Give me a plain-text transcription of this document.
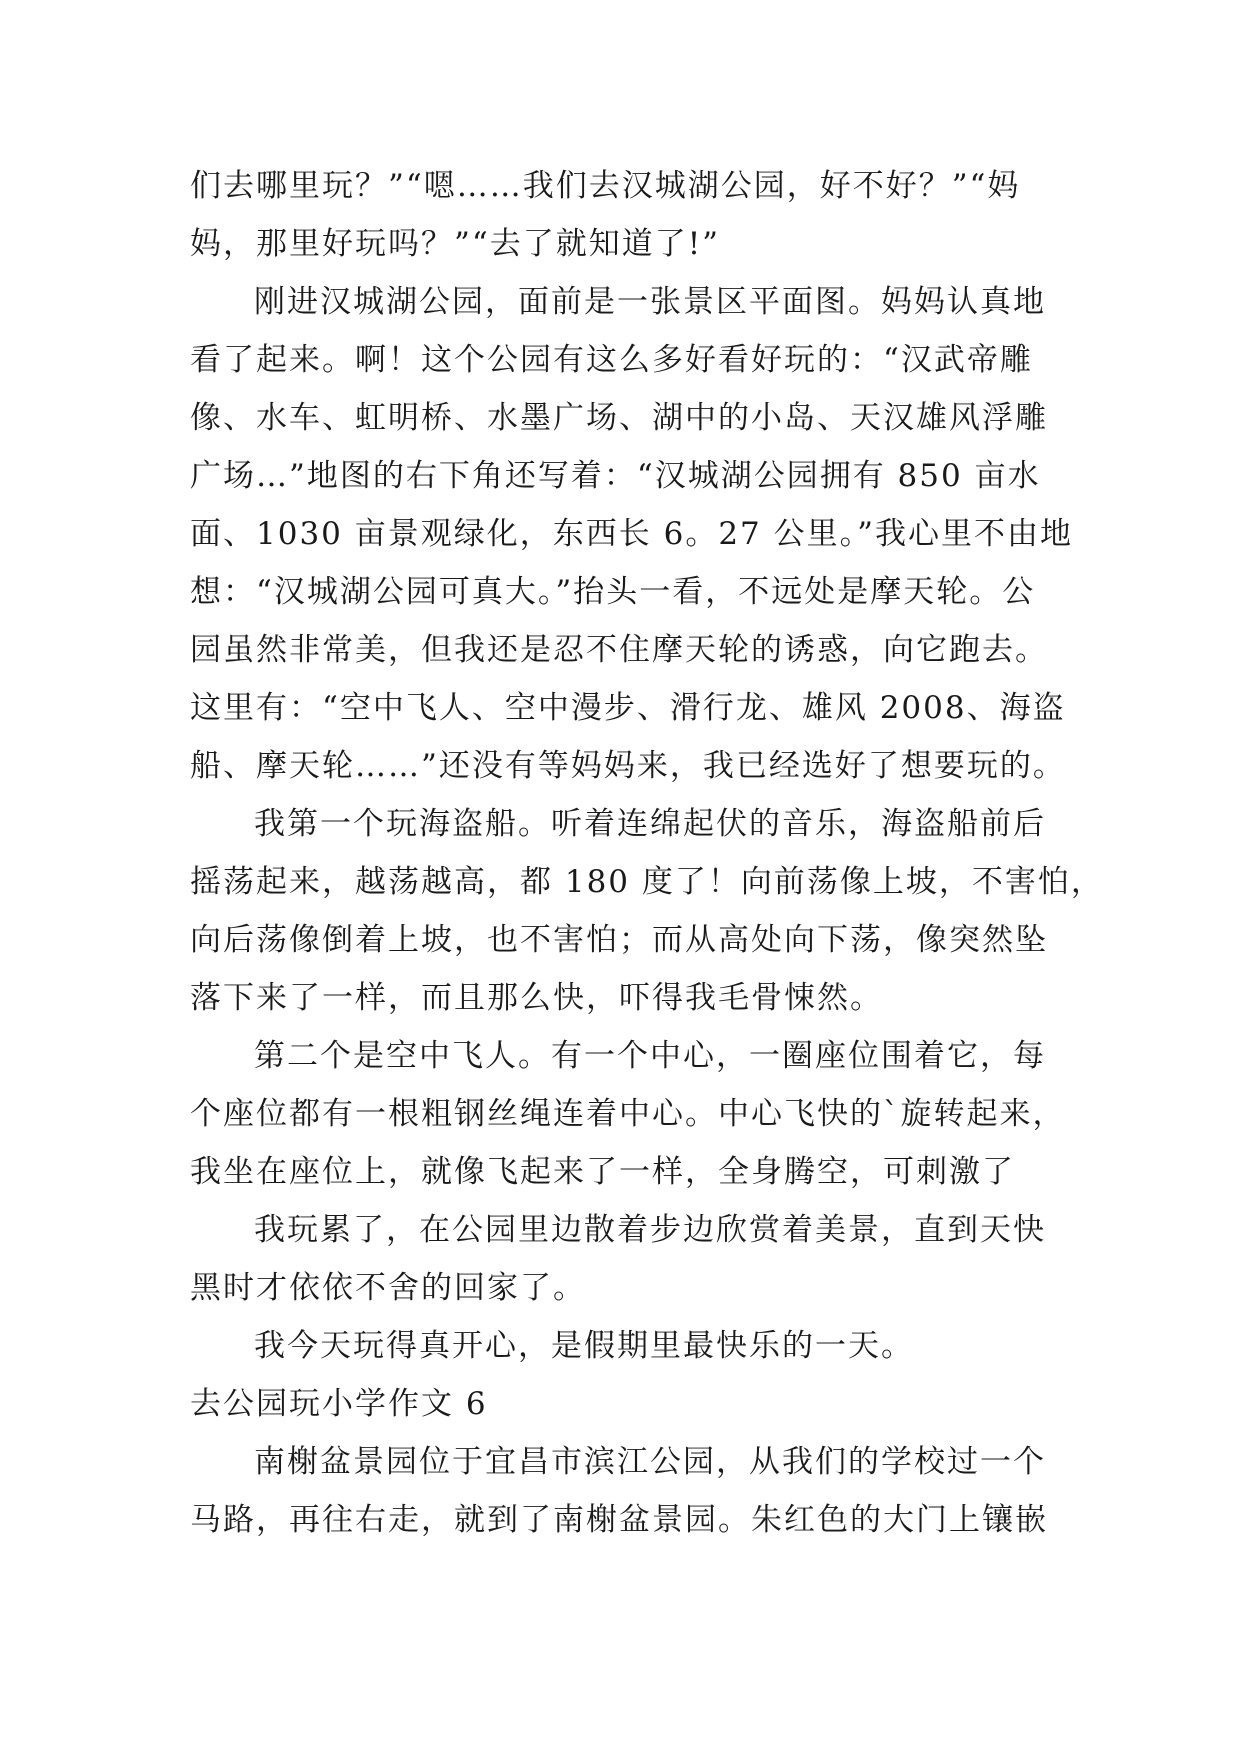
们去哪里玩？”“嗯……我们去汉城湖公园，好不好？”“妈
妈，那里好玩吗？”“去了就知道了!”
刚进汉城湖公园，面前是一张景区平面图。妈妈认真地
看了起来。啊！这个公园有这么多好看好玩的：“汉武帝雕
像、水车、虹明桥、水墨广场、湖中的小岛、天汉雄风浮雕
广场…”地图的右下角还写着：“汉城湖公园拥有 850 亩水
面、1030 亩景观绿化，东西长 6。27 公里。”我心里不由地
想：“汉城湖公园可真大。”抬头一看，不远处是摩天轮。公
园虽然非常美，但我还是忍不住摩天轮的诱惑，向它跑去。
这里有：“空中飞人、空中漫步、滑行龙、雄风 2008、海盗
船、摩天轮……”还没有等妈妈来，我已经选好了想要玩的。
我第一个玩海盗船。听着连绵起伏的音乐，海盗船前后
摇荡起来，越荡越高，都 180 度了！向前荡像上坡，不害怕，
向后荡像倒着上坡，也不害怕；而从高处向下荡，像突然坠
落下来了一样，而且那么快，吓得我毛骨悚然。
第二个是空中飞人。有一个中心，一圈座位围着它，每
个座位都有一根粗钢丝绳连着中心。中心飞快的`旋转起来，
我坐在座位上，就像飞起来了一样，全身腾空，可刺激了
我玩累了，在公园里边散着步边欣赏着美景，直到天快
黑时才依依不舍的回家了。
我今天玩得真开心，是假期里最快乐的一天。
去公园玩小学作文 6
南榭盆景园位于宜昌市滨江公园，从我们的学校过一个
马路，再往右走，就到了南榭盆景园。朱红色的大门上镶嵌
